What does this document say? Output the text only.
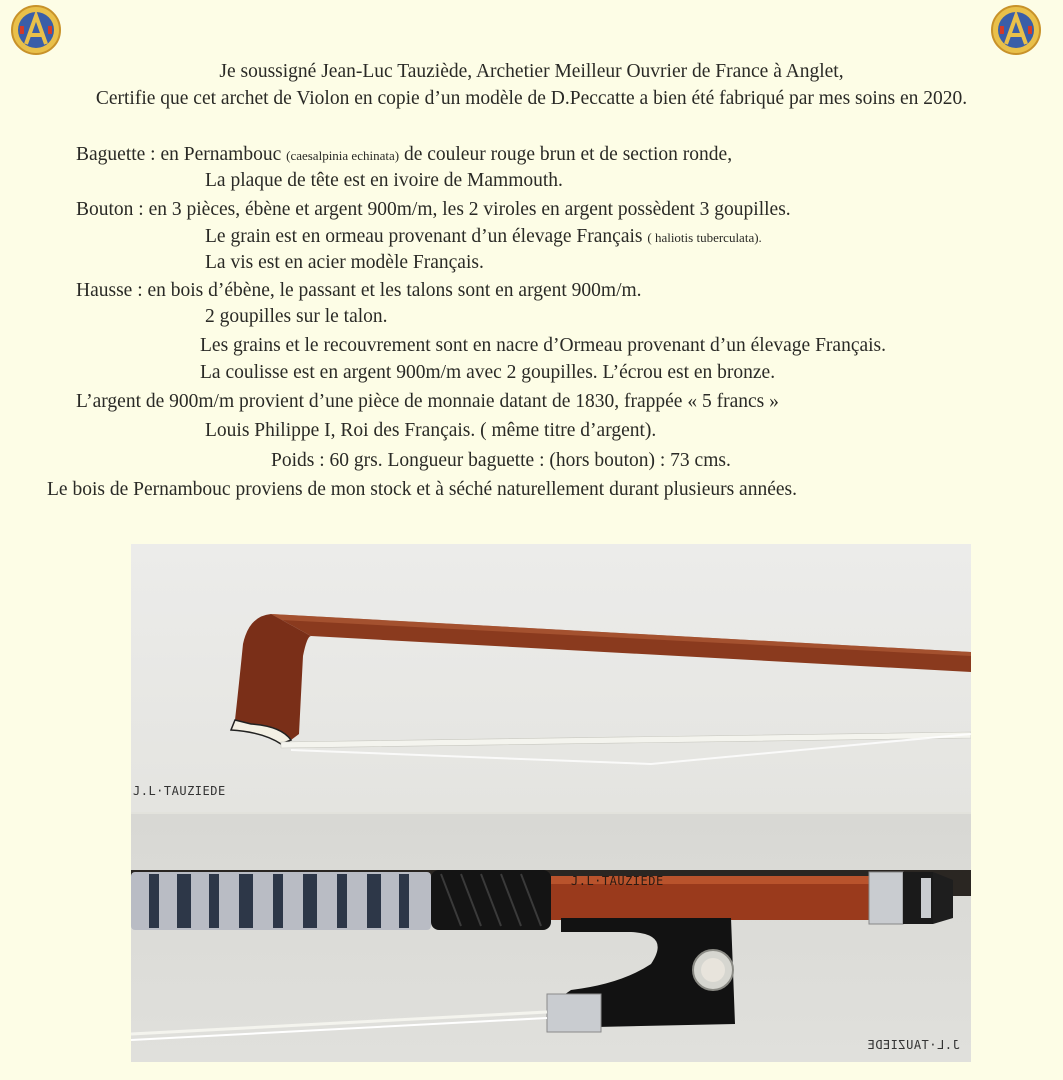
Je soussigné Jean-Luc Tauziède, Archetier Meilleur Ouvrier de France à Anglet,
Certifie que cet archet de Violon en copie d’un modèle de D.Peccatte a bien été fabriqué par mes soins en 2020.
Baguette : en Pernambouc (caesalpinia echinata) de couleur rouge brun et de section ronde,
La plaque de tête est en ivoire de Mammouth.
Bouton : en 3 pièces, ébène et argent 900m/m, les 2 viroles en argent possèdent 3 goupilles.
Le grain est en ormeau provenant d’un élevage Français ( haliotis tuberculata).
La vis est en acier modèle Français.
Hausse : en bois d’ébène, le passant et les talons sont en argent 900m/m.
2 goupilles sur le talon.
Les grains et le recouvrement sont en nacre d’Ormeau provenant d’un élevage Français.
La coulisse est en argent 900m/m avec 2 goupilles. L’écrou est en bronze.
L’argent de 900m/m provient d’une pièce de monnaie datant de 1830, frappée « 5 francs »
Louis Philippe I, Roi des Français. ( même titre d’argent).
Poids : 60 grs. Longueur baguette : (hors bouton) : 73 cms.
Le bois de Pernambouc proviens de mon stock et à séché naturellement durant plusieurs années.
J.L·TAUZIEDE
J.L·TAUZIEDE
J.L·TAUZIEDE
